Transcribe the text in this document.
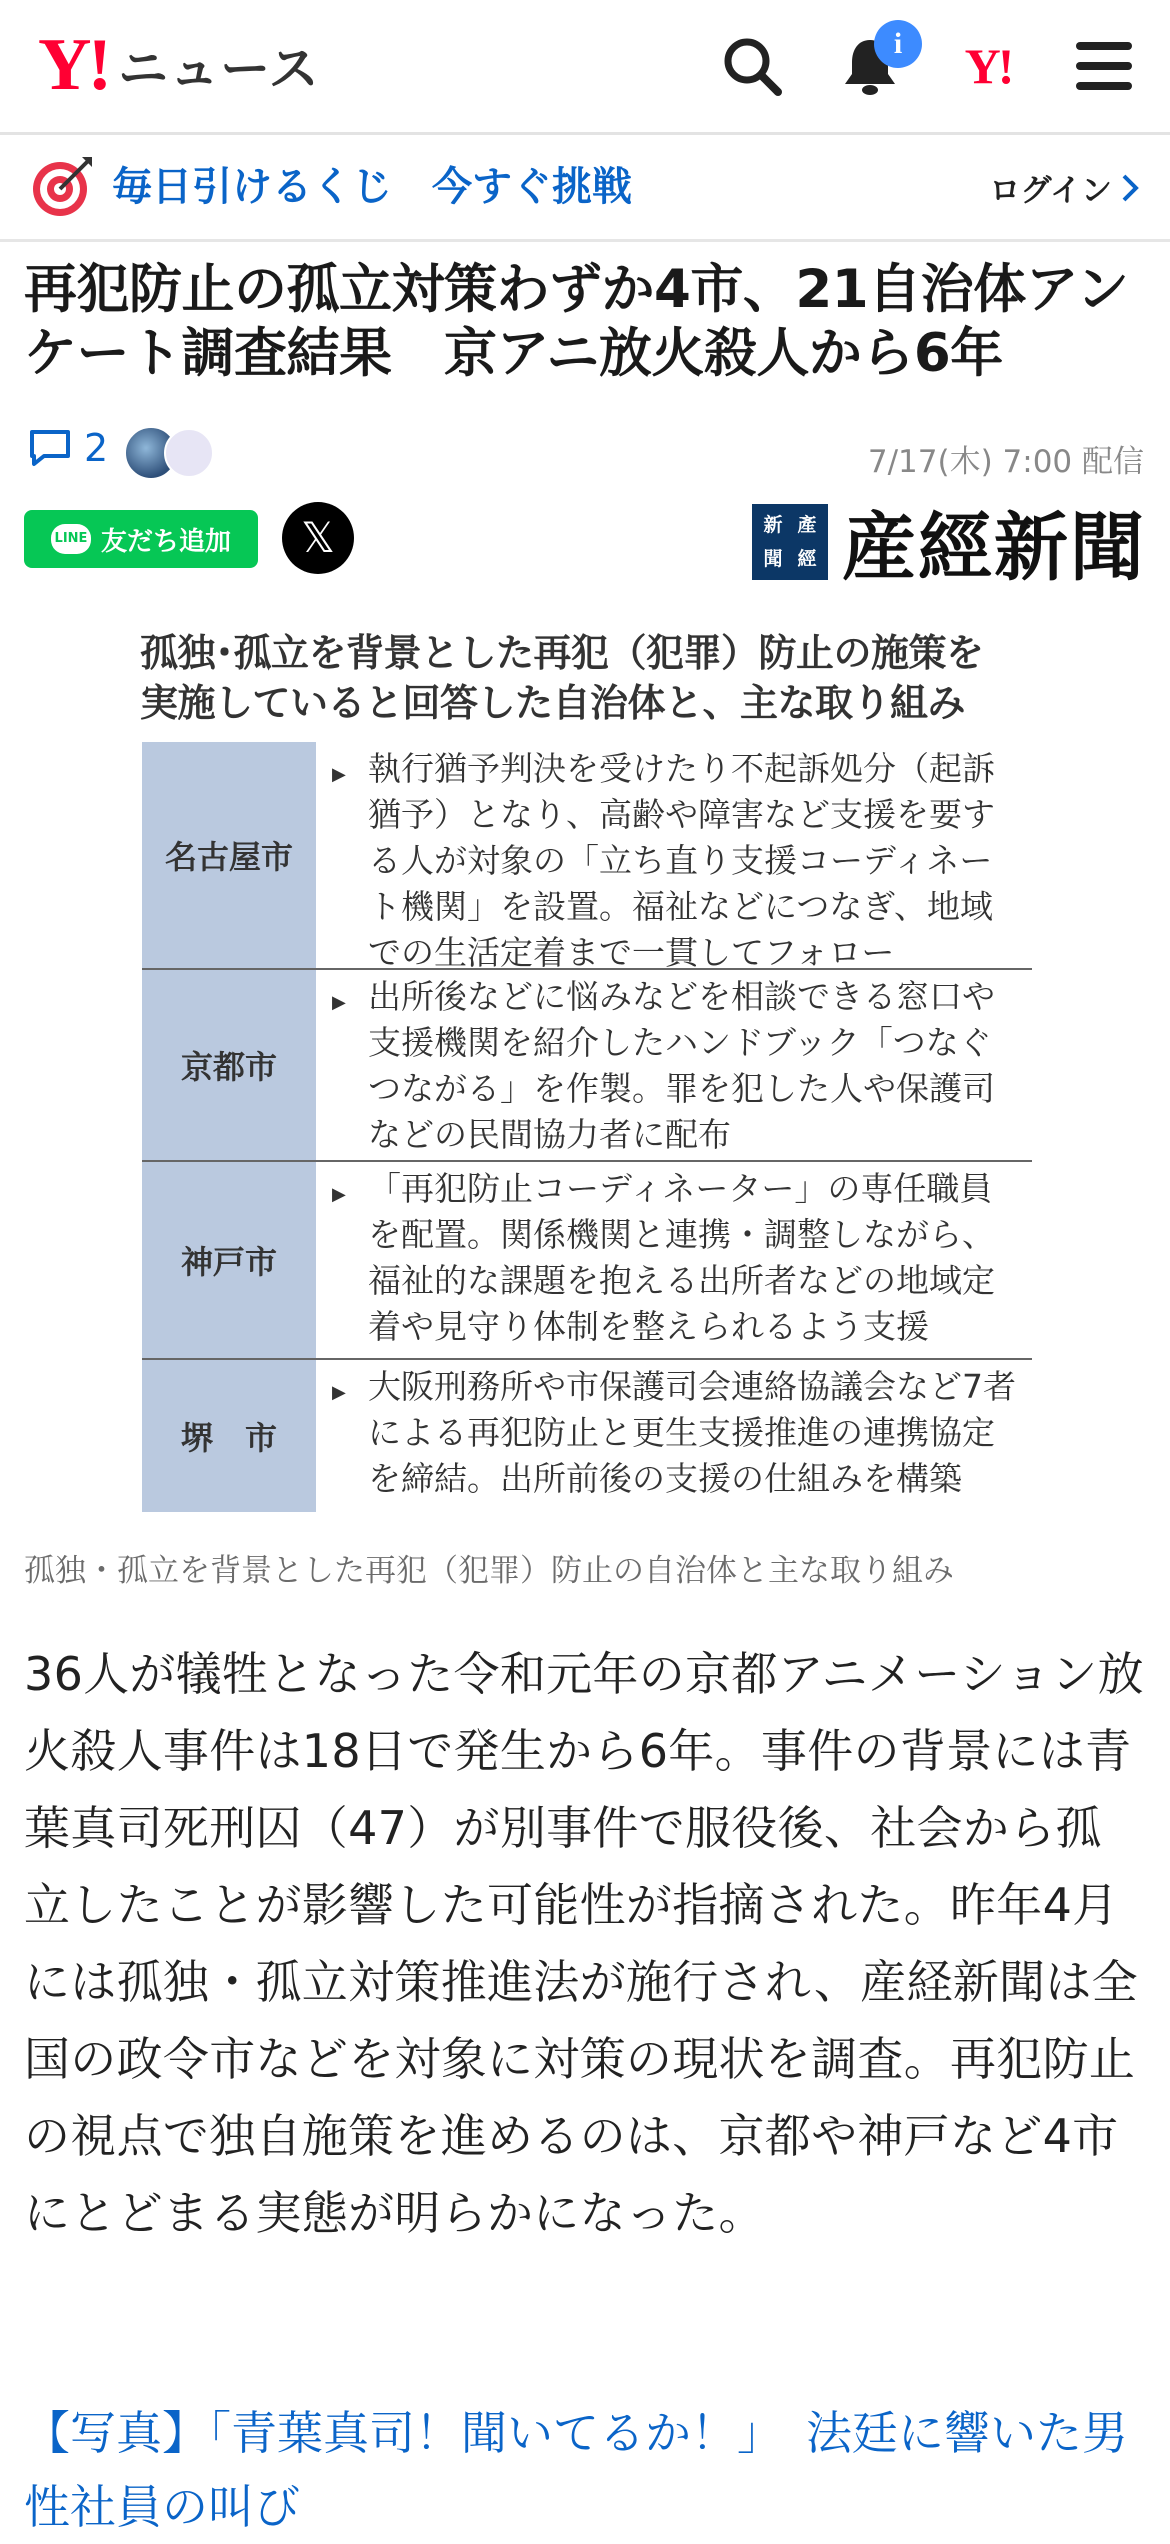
Y! ニュース	i	Y!
毎日引けるくじ　今すぐ挑戦	ログイン
再犯防止の孤立対策わずか4市、21自治体アンケート調査結果　京アニ放火殺人から6年
2	7/17(木) 7:00 配信
LINE 友だち追加	𝕏	新 產
聞 經 産經新聞
孤独･孤立を背景とした再犯（犯罪）防止の施策を
実施していると回答した自治体と、主な取り組み
名古屋市
▶ 執行猶予判決を受けたり不起訴処分（起訴猶予）となり、高齢や障害など支援を要する人が対象の「立ち直り支援コーディネート機関」を設置。福祉などにつなぎ、地域での生活定着まで一貫してフォロー
京都市
▶ 出所後などに悩みなどを相談できる窓口や支援機関を紹介したハンドブック「つなぐつながる」を作製。罪を犯した人や保護司などの民間協力者に配布
神戸市
▶ 「再犯防止コーディネーター」の専任職員を配置。関係機関と連携・調整しながら、福祉的な課題を抱える出所者などの地域定着や見守り体制を整えられるよう支援
堺　市
▶ 大阪刑務所や市保護司会連絡協議会など7者による再犯防止と更生支援推進の連携協定を締結。出所前後の支援の仕組みを構築
孤独・孤立を背景とした再犯（犯罪）防止の自治体と主な取り組み

36人が犠牲となった令和元年の京都アニメーション放火殺人事件は18日で発生から6年。事件の背景には青葉真司死刑囚（47）が別事件で服役後、社会から孤立したことが影響した可能性が指摘された。昨年4月には孤独・孤立対策推進法が施行され、産経新聞は全国の政令市などを対象に対策の現状を調査。再犯防止の視点で独自施策を進めるのは、京都や神戸など4市にとどまる実態が明らかになった。

【写真】「青葉真司！聞いてるか！」　法廷に響いた男性社員の叫び
